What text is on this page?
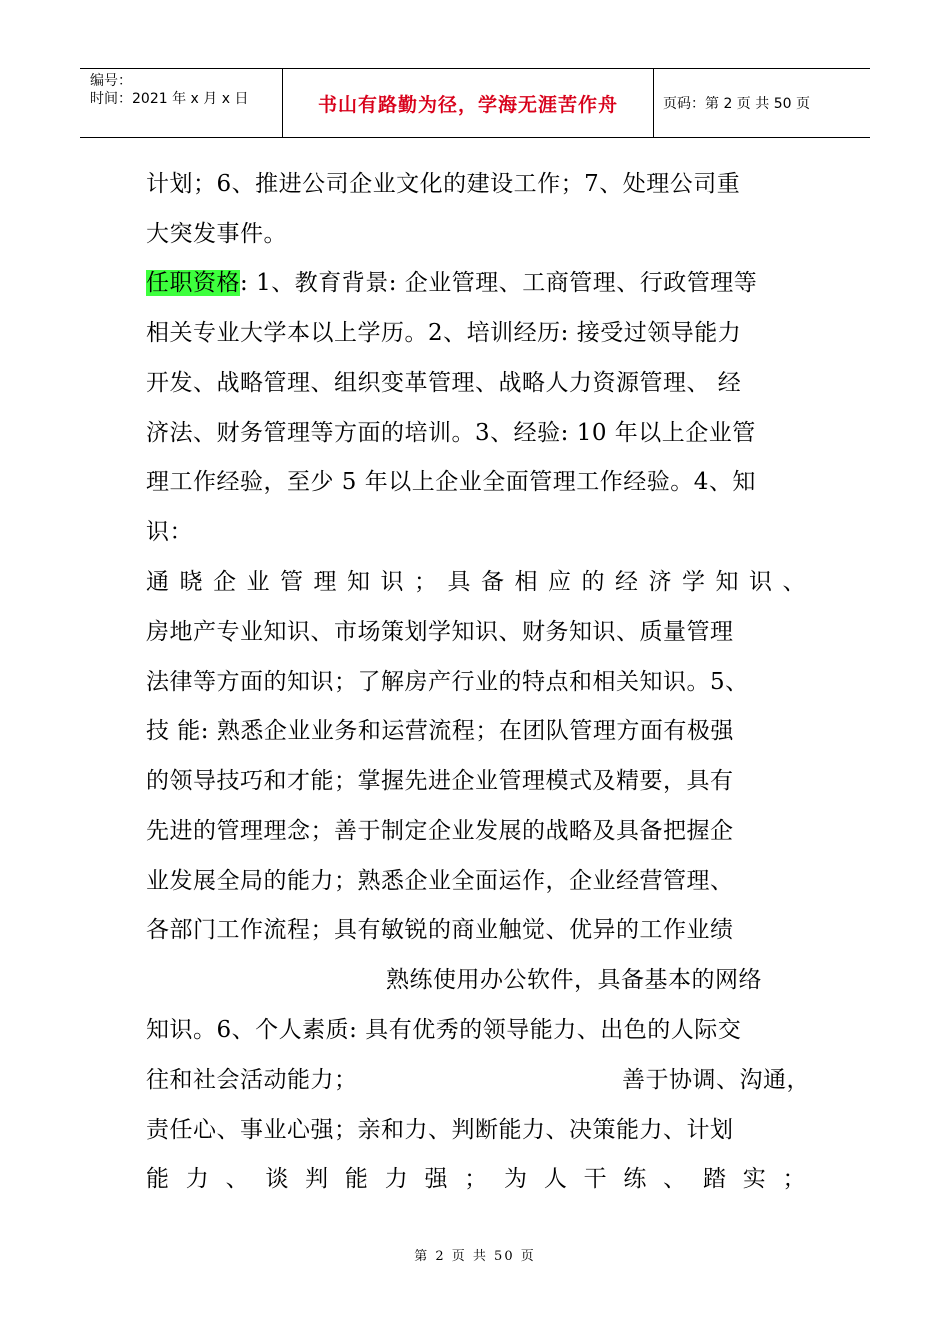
编号：
时间：2021 年 x 月 x 日	书山有路勤为径，学海无涯苦作舟	页码：第 2 页 共 50 页
计划；6、推进公司企业文化的建设工作；7、处理公司重
大突发事件。
任职资格: 1、教育背景: 企业管理、工商管理、行政管理等
相关专业大学本以上学历。2、培训经历: 接受过领导能力
开发、战略管理、组织变革管理、战略人力资源管理、 经
济法、财务管理等方面的培训。3、经验: 10 年以上企业管
理工作经验，至少 5 年以上企业全面管理工作经验。4、知
识：
通晓企业管理知识；具备相应的经济学知识、
房地产专业知识、市场策划学知识、财务知识、质量管理
法律等方面的知识；了解房产行业的特点和相关知识。5、
技 能: 熟悉企业业务和运营流程；在团队管理方面有极强
的领导技巧和才能；掌握先进企业管理模式及精要，具有
先进的管理理念；善于制定企业发展的战略及具备把握企
业发展全局的能力；熟悉企业全面运作，企业经营管理、
各部门工作流程；具有敏锐的商业触觉、优异的工作业绩
熟练使用办公软件，具备基本的网络
知识。6、个人素质: 具有优秀的领导能力、出色的人际交
往和社会活动能力；	善于协调、沟通，
责任心、事业心强；亲和力、判断能力、决策能力、计划
能力、谈判能力强；为人干练、踏实；
第 2 页 共 50 页
